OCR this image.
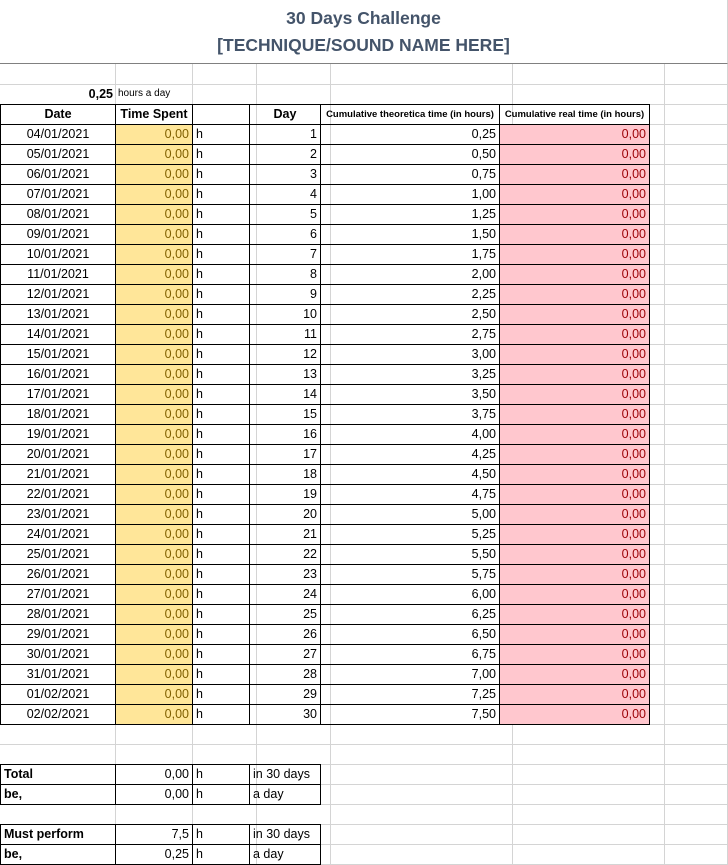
30 Days Challenge
[TECHNIQUE/SOUND NAME HERE]
0,25 hours a day
Date	Time Spent		Day	Cumulative theoretica time (in hours)	Cumulative real time (in hours)
04/01/2021	0,00	h	1	0,25	0,00
05/01/2021	0,00	h	2	0,50	0,00
06/01/2021	0,00	h	3	0,75	0,00
07/01/2021	0,00	h	4	1,00	0,00
08/01/2021	0,00	h	5	1,25	0,00
09/01/2021	0,00	h	6	1,50	0,00
10/01/2021	0,00	h	7	1,75	0,00
11/01/2021	0,00	h	8	2,00	0,00
12/01/2021	0,00	h	9	2,25	0,00
13/01/2021	0,00	h	10	2,50	0,00
14/01/2021	0,00	h	11	2,75	0,00
15/01/2021	0,00	h	12	3,00	0,00
16/01/2021	0,00	h	13	3,25	0,00
17/01/2021	0,00	h	14	3,50	0,00
18/01/2021	0,00	h	15	3,75	0,00
19/01/2021	0,00	h	16	4,00	0,00
20/01/2021	0,00	h	17	4,25	0,00
21/01/2021	0,00	h	18	4,50	0,00
22/01/2021	0,00	h	19	4,75	0,00
23/01/2021	0,00	h	20	5,00	0,00
24/01/2021	0,00	h	21	5,25	0,00
25/01/2021	0,00	h	22	5,50	0,00
26/01/2021	0,00	h	23	5,75	0,00
27/01/2021	0,00	h	24	6,00	0,00
28/01/2021	0,00	h	25	6,25	0,00
29/01/2021	0,00	h	26	6,50	0,00
30/01/2021	0,00	h	27	6,75	0,00
31/01/2021	0,00	h	28	7,00	0,00
01/02/2021	0,00	h	29	7,25	0,00
02/02/2021	0,00	h	30	7,50	0,00
Total	0,00	h	in 30 days
be,	0,00	h	a day
Must perform	7,5	h	in 30 days
be,	0,25	h	a day
